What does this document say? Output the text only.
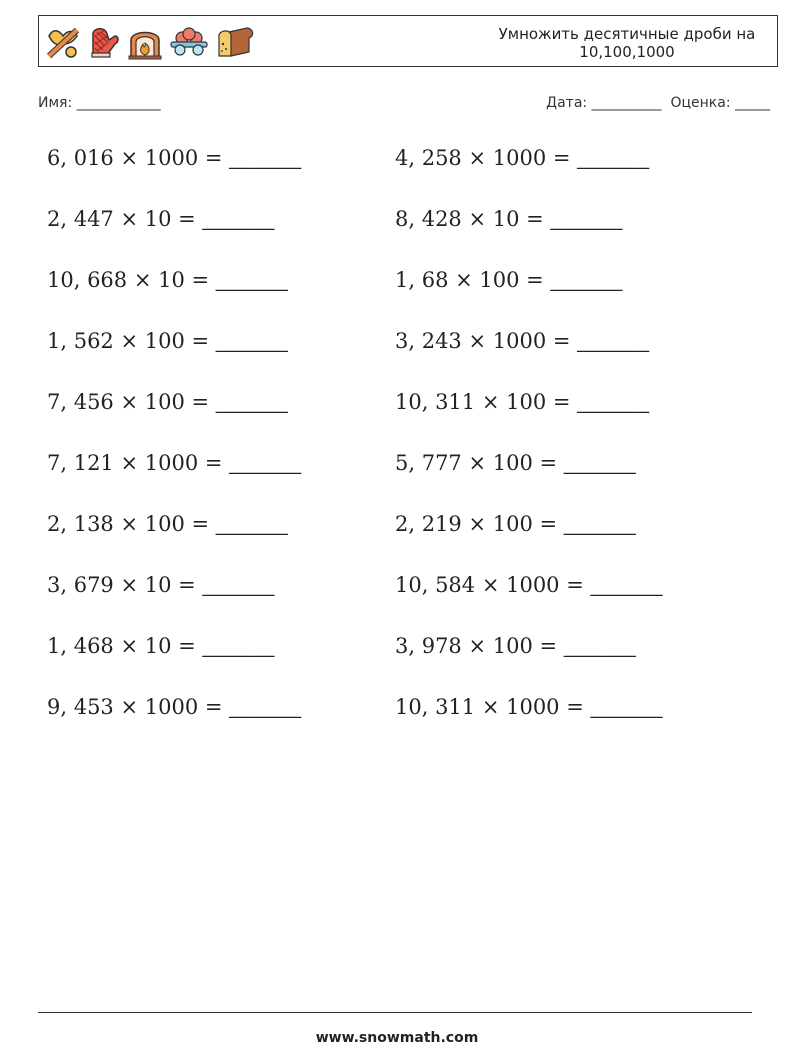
Умножить десятичные дроби на
10,100,1000
Имя: ____________	Дата: __________ Оценка: _____
6, 016 × 1000 = ________	4, 258 × 1000 = ________
2, 447 × 10 = ________	8, 428 × 10 = ________
10, 668 × 10 = ________	1, 68 × 100 = ________
1, 562 × 100 = ________	3, 243 × 1000 = ________
7, 456 × 100 = ________	10, 311 × 100 = ________
7, 121 × 1000 = ________	5, 777 × 100 = ________
2, 138 × 100 = ________	2, 219 × 100 = ________
3, 679 × 10 = ________	10, 584 × 1000 = ________
1, 468 × 10 = ________	3, 978 × 100 = ________
9, 453 × 1000 = ________	10, 311 × 1000 = ________
www.snowmath.com
